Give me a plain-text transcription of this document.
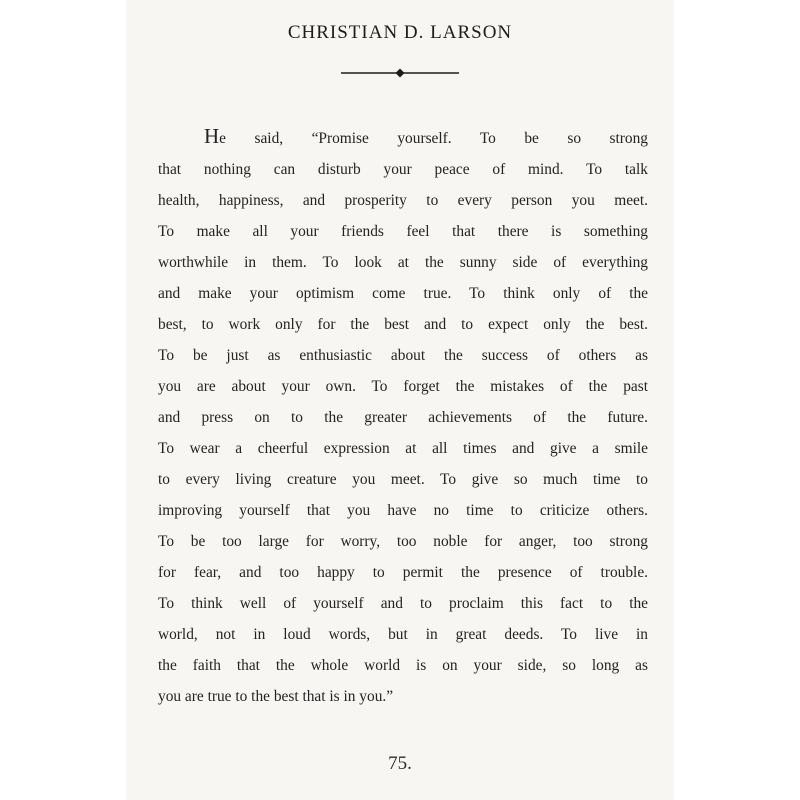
CHRISTIAN D. LARSON
He said, “Promise yourself. To be so strong
that nothing can disturb your peace of mind. To talk
health, happiness, and prosperity to every person you meet.
To make all your friends feel that there is something
worthwhile in them. To look at the sunny side of everything
and make your optimism come true. To think only of the
best, to work only for the best and to expect only the best.
To be just as enthusiastic about the success of others as
you are about your own. To forget the mistakes of the past
and press on to the greater achievements of the future.
To wear a cheerful expression at all times and give a smile
to every living creature you meet. To give so much time to
improving yourself that you have no time to criticize others.
To be too large for worry, too noble for anger, too strong
for fear, and too happy to permit the presence of trouble.
To think well of yourself and to proclaim this fact to the
world, not in loud words, but in great deeds. To live in
the faith that the whole world is on your side, so long as
you are true to the best that is in you.”
75.
